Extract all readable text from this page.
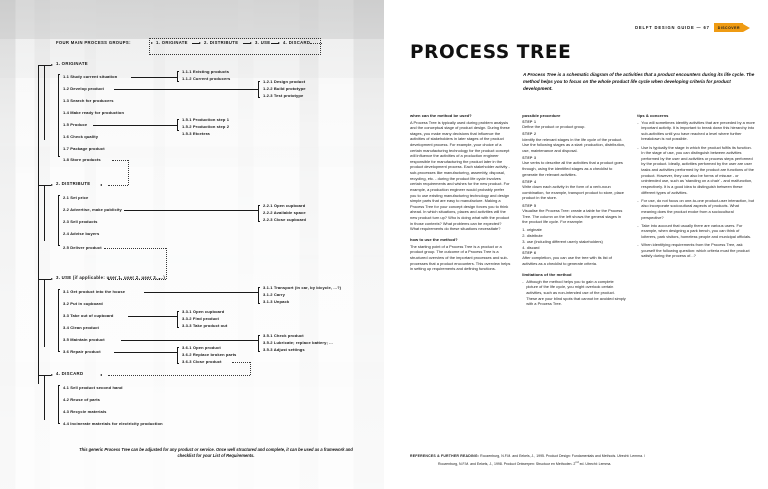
FOUR MAIN PROCESS GROUPS:	1. ORIGINATE	2. DISTRIBUTE	3. USE	4. DISCARD
1. ORIGINATE
1.1 Study current situation
1.2 Develop product
1.3 Search for producers
1.4 Make ready for production
1.5 Produce
1.6 Check quality
1.7 Package product
1.8 Store products
1.1.1 Existing products
1.1.2 Current producers
1.2.1 Design product
1.2.2 Build prototype
1.2.3 Test prototype
1.5.1 Production step 1
1.5.2 Production step 2
1.5.3 Etcetera
2. DISTRIBUTE
2.1 Set price
2.2 Advertise, make publicity
2.3 Sell products
2.4 Advise buyers
2.5 Deliver product
2.2.1 Open cupboard
2.2.2 Available space
2.2.3 Close cupboard
3. USE (if applicable: user 1, user 2, user 3, ...)
3.1 Get product into the house
3.2 Put in cupboard
3.3 Take out of cupboard
3.4 Clean product
3.5 Maintain product
3.6 Repair product
3.1.1 Transport (in car, by bicycle, ...?)
3.1.2 Carry
3.1.3 Unpack
3.3.1 Open cupboard
3.3.2 Find product
3.3.3 Take product out
3.5.1 Check product
3.5.2 Lubricate; replace battery; ...
3.5.3 Adjust settings
3.6.1 Open product
3.6.2 Replace broken parts
3.6.3 Close product
4. DISCARD
4.1 Sell product second hand
4.2 Reuse of parts
4.3 Recycle materials
4.4 Incinerate materials for electricity production
This generic Process Tree can be adjusted for any product or service. Once well structured and complete, it can be used as a framework and checklist for your List of Requirements.
DELFT DESIGN GUIDE — 67 DISCOVER
PROCESS TREE

A Process Tree is a schematic diagram of the activities that a product encounters during its life cycle. The method helps you to focus on the whole product life cycle when developing criteria for product development.

when can the method be used?

A Process Tree is typically used during problem analysis and the conceptual stage of product design. During these stages, you make many decisions that influence the activities of stakeholders in later stages of the product development process. For example, your choice of a certain manufacturing technology for the product concept will influence the activities of a production engineer responsible for manufacturing the product later in the product development process. Each stakeholder activity - sub-processes like manufacturing, assembly, disposal, recycling, etc. - during the product life cycle involves certain requirements and wishes for the new product. For example, a production engineer would probably prefer you to use existing manufacturing technology and design simple parts that are easy to manufacture. Making a Process Tree for your concept design forces you to think ahead. In which situations, places and activities will the new product turn up? Who is doing what with the product in those contexts? What problems can be expected? What requirements do these situations necessitate?

how to use the method?

The starting point of a Process Tree is a product or a product group. The outcome of a Process Tree is a structured overview of the important processes and sub-processes that a product encounters. This overview helps in setting up requirements and defining functions.

possible procedure
STEP 1

Define the product or product group.

STEP 2

Identify the relevant stages in the life cycle of the product. Use the following stages as a start: production, distribution, use, maintenance and disposal.

STEP 3

Use verbs to describe all the activities that a product goes through, using the identified stages as a checklist to generate the relevant activities.

STEP 4

Write down each activity in the form of a verb-noun combination, for example, transport product to store, place product in the store.

STEP 5

Visualise the Process Tree: create a table for the Process Tree. The column on the left shows the general stages in the product life cycle. For example:

1. originate
2. distribute
3. use (including different user/y stakeholders)
4. discard
STEP 6

After completion, you can use the tree with its list of activities as a checklist to generate criteria.

limitations of the method
- Although the method helps you to gain a complete picture of the life cycle, you might overlook certain activities, such as non-intended use of the product. These are your blind spots that cannot be avoided simply with a Process Tree.
tips & concerns
- You will sometimes identify activities that are preceded by a more important activity. It is important to break down this hierarchy into sub-activities until you have reached a level where further breakdown is not possible.
- Use is typically the stage in which the product fulfils its function. In the stage of use, you can distinguish between activities performed by the user and activities or process steps performed by the product. Ideally, activities performed by the user are user tasks and activities performed by the product are functions of the product. However, they can also be forms of misuse - or unintended use, such as 'standing on a chair' - and malfunction, respectively. It is a good idea to distinguish between these different types of activities.
- For use, do not focus on one-to-one product-user interaction, but also incorporate sociocultural aspects of products. What meaning does the product evoke from a sociocultural perspective?
- Take into account that usually there are various users. For example, when designing a park bench, you can think of loiterers, park visitors, homeless people and municipal officials.
- When identifying requirements from the Process Tree, ask yourself the following question: which criteria must the product satisfy during the process of...?
REFERENCES & FURTHER READING: Roozenburg, N.F.M. and Eekels, J., 1995. Product Design: Fundamentals and Methods. Utrecht: Lemma. /
Roozenburg, N.F.M. and Eekels, J., 1998. Product Ontwerpen: Structuur en Methoden. 2nd ed. Utrecht: Lemma.
